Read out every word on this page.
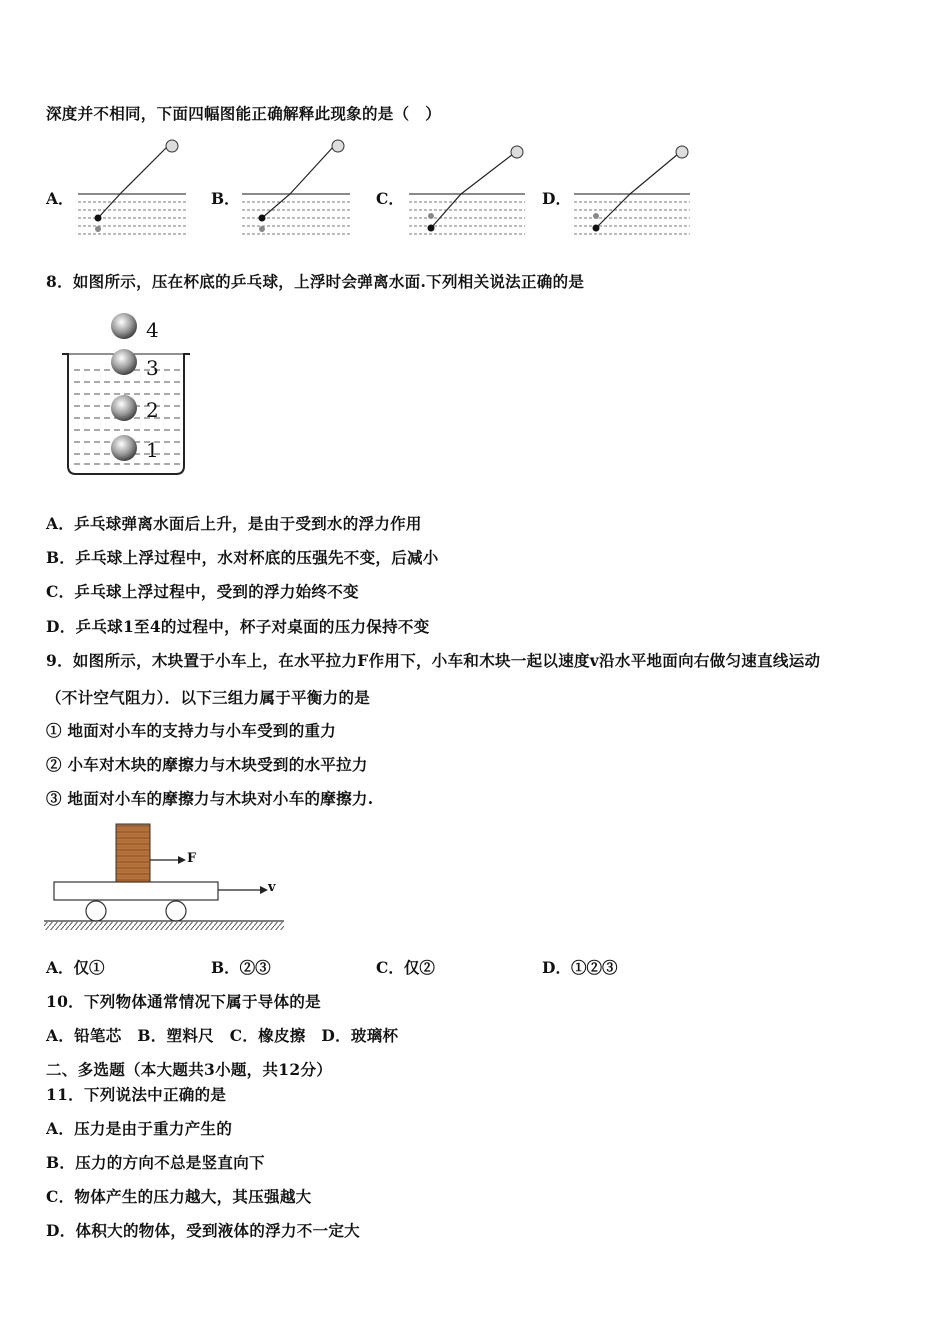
深度并不相同，下面四幅图能正确解释此现象的是（　）
A．	B．	C．	D．
8．如图所示，压在杯底的乒乓球，上浮时会弹离水面.下列相关说法正确的是
4
3
2
1
A．乒乓球弹离水面后上升，是由于受到水的浮力作用
B．乒乓球上浮过程中，水对杯底的压强先不变，后减小
C．乒乓球上浮过程中，受到的浮力始终不变
D．乒乓球1至4的过程中，杯子对桌面的压力保持不变
9．如图所示，木块置于小车上，在水平拉力F作用下，小车和木块一起以速度v沿水平地面向右做匀速直线运动
（不计空气阻力）．以下三组力属于平衡力的是
① 地面对小车的支持力与小车受到的重力
② 小车对木块的摩擦力与木块受到的水平拉力
③ 地面对小车的摩擦力与木块对小车的摩擦力.
F
v
A．仅①	B．②③	C．仅②	D．①②③
10．下列物体通常情况下属于导体的是
A．铅笔芯　B．塑料尺　C．橡皮擦　D．玻璃杯
二、多选题（本大题共3小题，共12分）
11．下列说法中正确的是
A．压力是由于重力产生的
B．压力的方向不总是竖直向下
C．物体产生的压力越大，其压强越大
D．体积大的物体，受到液体的浮力不一定大
